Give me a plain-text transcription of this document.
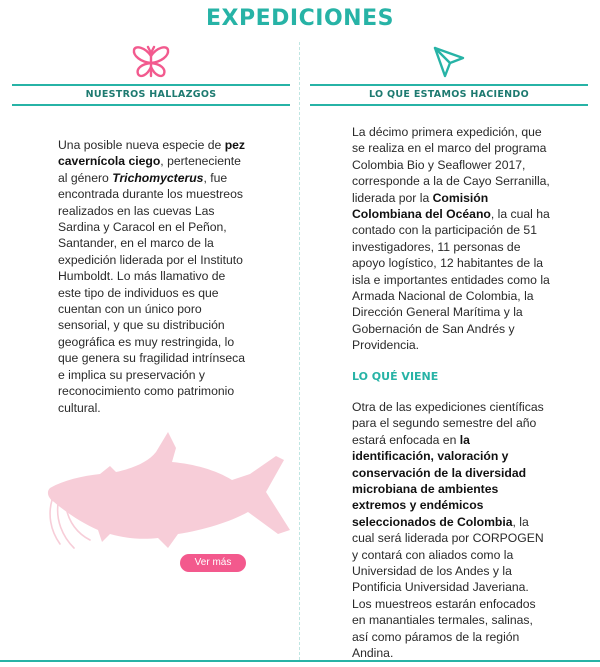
EXPEDICIONES
NUESTROS HALLAZGOS

Una posible nueva especie de pez cavernícola ciego, perteneciente al género Trichomycterus, fue encontrada durante los muestreos realizados en las cuevas Las Sardina y Caracol en el Peñon, Santander, en el marco de la expedición liderada por el Instituto Humboldt. Lo más llamativo de este tipo de individuos es que cuentan con un único poro sensorial, y que su distribución geográfica es muy restringida, lo que genera su fragilidad intrínseca e implica su preservación y reconocimiento como patrimonio cultural.

Ver más
LO QUE ESTAMOS HACIENDO

La décimo primera expedición, que se realiza en el marco del programa Colombia Bio y Seaflower 2017, corresponde a la de Cayo Serranilla, liderada por la Comisión Colombiana del Océano, la cual ha contado con la participación de 51 investigadores, 11 personas de apoyo logístico, 12 habitantes de la isla e importantes entidades como la Armada Nacional de Colombia, la Dirección General Marítima y la Gobernación de San Andrés y Providencia.

LO QUÉ VIENE

Otra de las expediciones científicas para el segundo semestre del año estará enfocada en la identificación, valoración y conservación de la diversidad microbiana de ambientes extremos y endémicos seleccionados de Colombia, la cual será liderada por CORPOGEN y contará con aliados como la Universidad de los Andes y la Pontificia Universidad Javeriana. Los muestreos estarán enfocados en manantiales termales, salinas, así como páramos de la región Andina.
